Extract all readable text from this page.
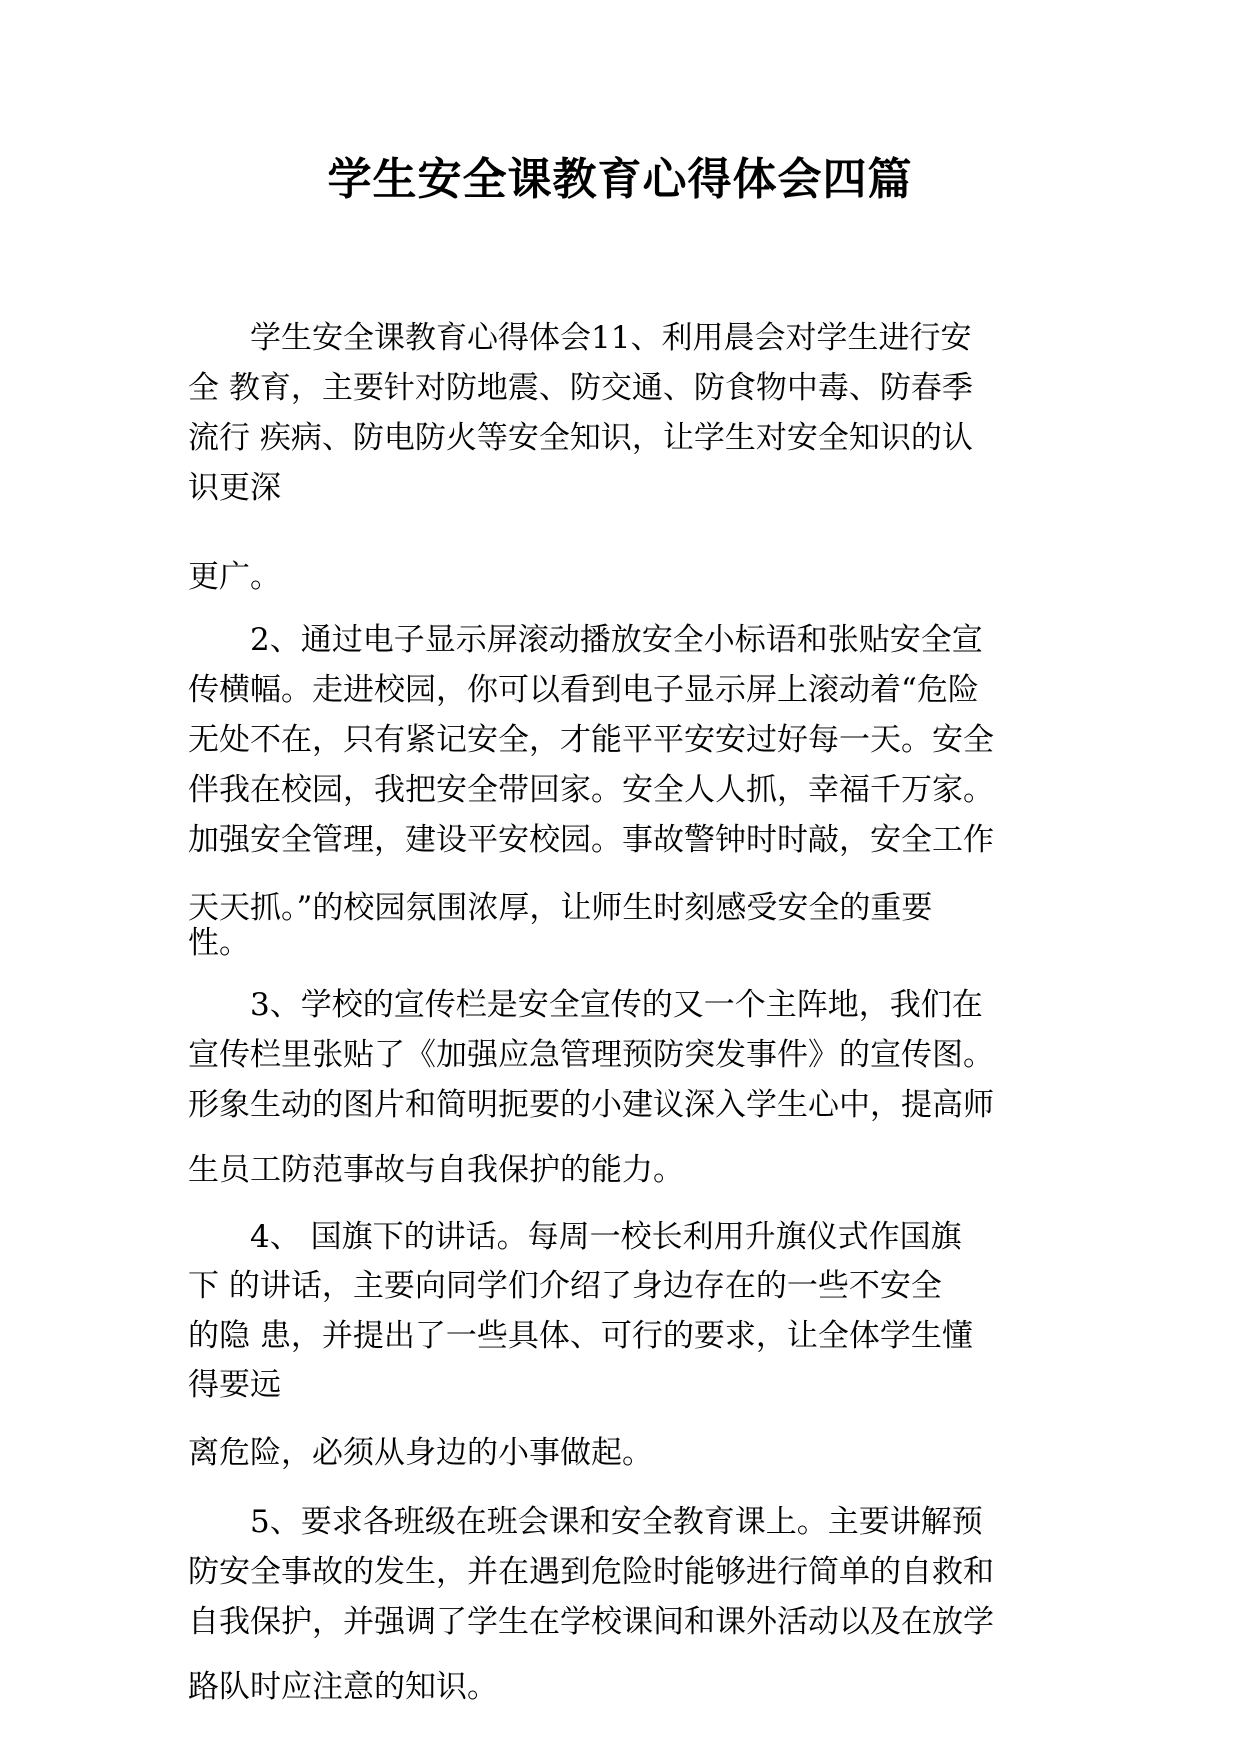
学生安全课教育心得体会四篇
　　学生安全课教育心得体会11、利用晨会对学生进行安
全 教育，主要针对防地震、防交通、防食物中毒、防春季
流行 疾病、防电防火等安全知识，让学生对安全知识的认
识更深
更广。
　　2、通过电子显示屏滚动播放安全小标语和张贴安全宣
传横幅。走进校园，你可以看到电子显示屏上滚动着“危险
无处不在，只有紧记安全，才能平平安安过好每一天。安全
伴我在校园，我把安全带回家。安全人人抓，幸福千万家。
加强安全管理，建设平安校园。事故警钟时时敲，安全工作
天天抓。”的校园氛围浓厚，让师生时刻感受安全的重要
性。
　　3、学校的宣传栏是安全宣传的又一个主阵地，我们在
宣传栏里张贴了《加强应急管理预防突发事件》的宣传图。
形象生动的图片和简明扼要的小建议深入学生心中，提高师
生员工防范事故与自我保护的能力。
　　4、 国旗下的讲话。每周一校长利用升旗仪式作国旗
下 的讲话，主要向同学们介绍了身边存在的一些不安全
的隐 患，并提出了一些具体、可行的要求，让全体学生懂
得要远
离危险，必须从身边的小事做起。
　　5、要求各班级在班会课和安全教育课上。主要讲解预
防安全事故的发生，并在遇到危险时能够进行简单的自救和
自我保护，并强调了学生在学校课间和课外活动以及在放学
路队时应注意的知识。
